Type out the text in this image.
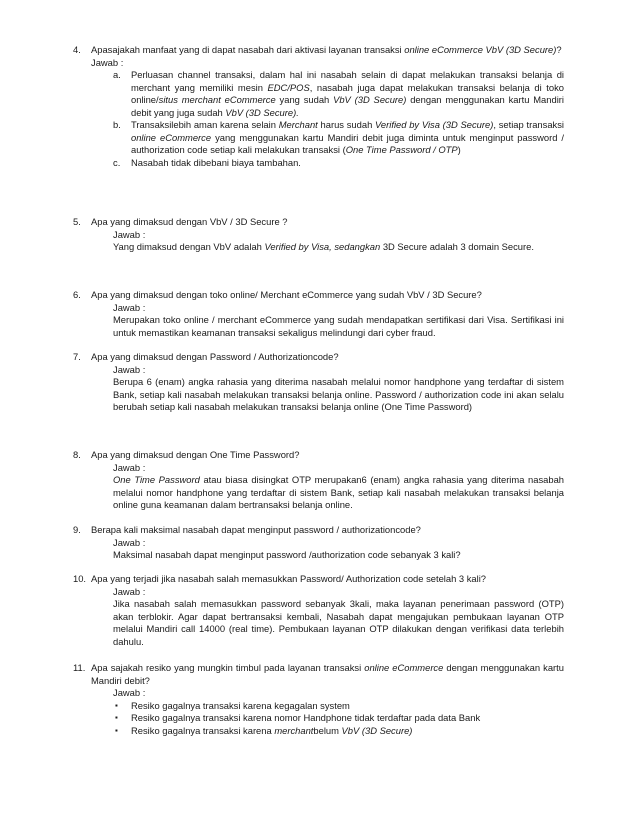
4. Apasajakah manfaat yang di dapat nasabah dari aktivasi layanan transaksi online eCommerce VbV (3D Secure)?
Jawab :
a. Perluasan channel transaksi, dalam hal ini nasabah selain di dapat melakukan transaksi belanja di merchant yang memiliki mesin EDC/POS, nasabah juga dapat melakukan transaksi belanja di toko online/situs merchant eCommerce yang sudah VbV (3D Secure) dengan menggunakan kartu Mandiri debit yang juga sudah VbV (3D Secure).
b. Transaksilebih aman karena selain Merchant harus sudah Verified by Visa (3D Secure), setiap transaksi online eCommerce yang menggunakan kartu Mandiri debit juga diminta untuk menginput password / authorization code setiap kali melakukan transaksi (One Time Password / OTP)
c. Nasabah tidak dibebani biaya tambahan.
5. Apa yang dimaksud dengan VbV / 3D Secure ?
Jawab :
Yang dimaksud dengan VbV adalah Verified by Visa, sedangkan 3D Secure adalah 3 domain Secure.
6. Apa yang dimaksud dengan toko online/ Merchant eCommerce yang sudah VbV / 3D Secure?
Jawab :
Merupakan toko online / merchant eCommerce yang sudah mendapatkan sertifikasi dari Visa. Sertifikasi ini untuk memastikan keamanan transaksi sekaligus melindungi dari cyber fraud.
7. Apa yang dimaksud dengan Password / Authorizationcode?
Jawab :
Berupa 6 (enam) angka rahasia yang diterima nasabah melalui nomor handphone yang terdaftar di sistem Bank, setiap kali nasabah melakukan transaksi belanja online. Password / authorization code ini akan selalu berubah setiap kali nasabah melakukan transaksi belanja online (One Time Password)
8. Apa yang dimaksud dengan One Time Password?
Jawab :
One Time Password atau biasa disingkat OTP merupakan6 (enam) angka rahasia yang diterima nasabah melalui nomor handphone yang terdaftar di sistem Bank, setiap kali nasabah melakukan transaksi belanja online guna keamanan dalam bertransaksi belanja online.
9. Berapa kali maksimal nasabah dapat menginput password / authorizationcode?
Jawab :
Maksimal nasabah dapat menginput password /authorization code sebanyak 3 kali?
10. Apa yang terjadi jika nasabah salah memasukkan Password/ Authorization code setelah 3 kali?
Jawab :
Jika nasabah salah memasukkan password sebanyak 3kali, maka layanan penerimaan password (OTP) akan terblokir. Agar dapat bertransaksi kembali, Nasabah dapat mengajukan pembukaan layanan OTP melalui Mandiri call 14000 (real time). Pembukaan layanan OTP dilakukan dengan verifikasi data terlebih dahulu.
11. Apa sajakah resiko yang mungkin timbul pada layanan transaksi online eCommerce dengan menggunakan kartu Mandiri debit?
Jawab :
▪ Resiko gagalnya transaksi karena kegagalan system
▪ Resiko gagalnya transaksi karena nomor Handphone tidak terdaftar pada data Bank
▪ Resiko gagalnya transaksi karena merchantbelum VbV (3D Secure)
